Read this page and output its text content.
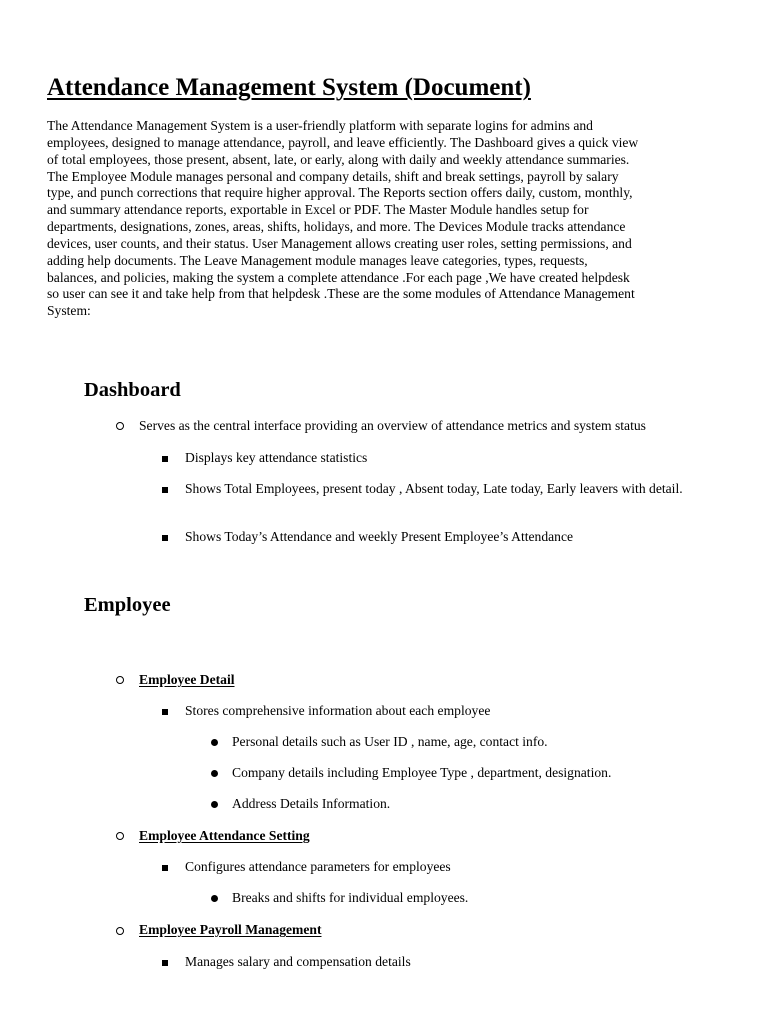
Attendance Management System (Document)

The Attendance Management System is a user-friendly platform with separate logins for admins and
employees, designed to manage attendance, payroll, and leave efficiently. The Dashboard gives a quick view
of total employees, those present, absent, late, or early, along with daily and weekly attendance summaries.
The Employee Module manages personal and company details, shift and break settings, payroll by salary
type, and punch corrections that require higher approval. The Reports section offers daily, custom, monthly,
and summary attendance reports, exportable in Excel or PDF. The Master Module handles setup for
departments, designations, zones, areas, shifts, holidays, and more. The Devices Module tracks attendance
devices, user counts, and their status. User Management allows creating user roles, setting permissions, and
adding help documents. The Leave Management module manages leave categories, types, requests,
balances, and policies, making the system a complete attendance .For each page ,We have created helpdesk
so user can see it and take help from that helpdesk .These are the some modules of Attendance Management
System:

Dashboard
Serves as the central interface providing an overview of attendance metrics and system status
Displays key attendance statistics
Shows Total Employees, present today , Absent today, Late today, Early leavers with detail.
Shows Today’s Attendance and weekly Present Employee’s Attendance
Employee
Employee Detail
Stores comprehensive information about each employee
Personal details such as User ID , name, age, contact info.
Company details including Employee Type , department, designation.
Address Details Information.
Employee Attendance Setting
Configures attendance parameters for employees
Breaks and shifts for individual employees.
Employee Payroll Management
Manages salary and compensation details
